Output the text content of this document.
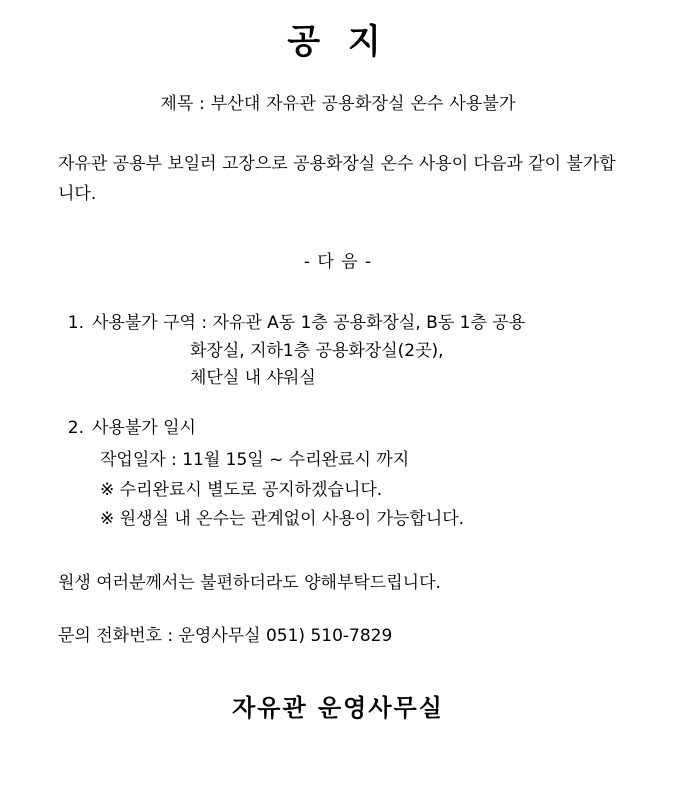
공 지
제목 : 부산대 자유관 공용화장실 온수 사용불가
자유관 공용부 보일러 고장으로 공용화장실 온수 사용이 다음과 같이 불가합니다.
- 다 음 -
1. 사용불가 구역 : 자유관 A동 1층 공용화장실, B동 1층 공용
화장실, 지하1층 공용화장실(2곳),
체단실 내 샤워실
2. 사용불가 일시
작업일자 : 11월 15일 ~ 수리완료시 까지
※ 수리완료시 별도로 공지하겠습니다.
※ 원생실 내 온수는 관계없이 사용이 가능합니다.
원생 여러분께서는 불편하더라도 양해부탁드립니다.
문의 전화번호 : 운영사무실 051) 510-7829
자유관 운영사무실
